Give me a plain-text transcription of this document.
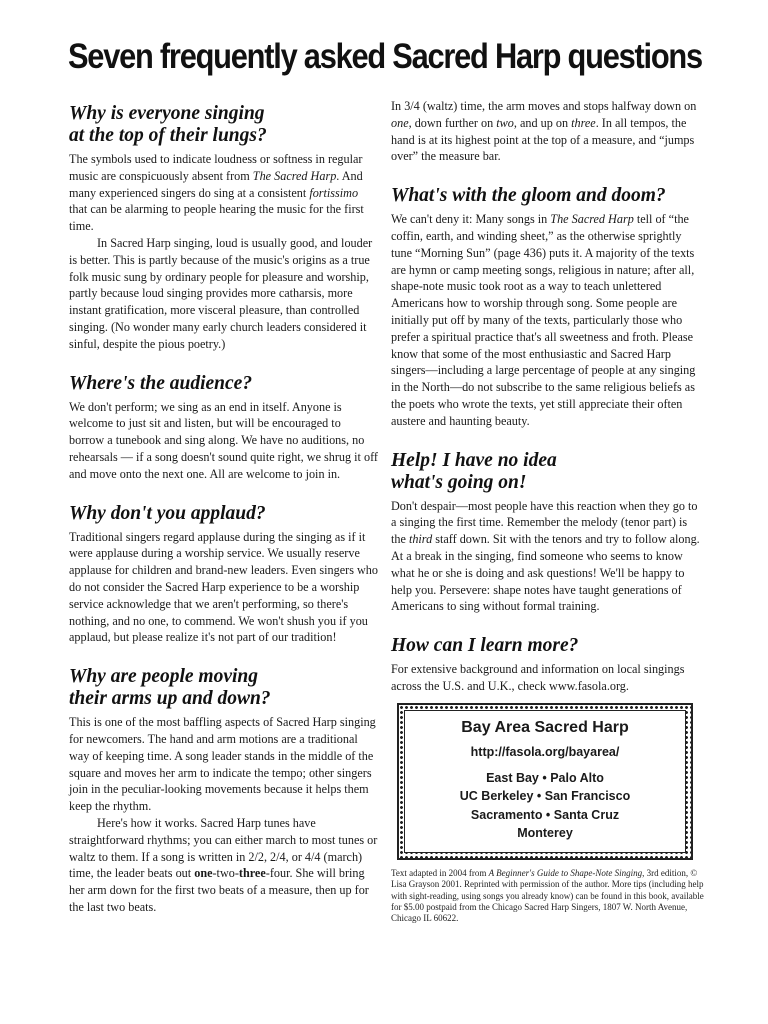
Seven frequently asked Sacred Harp questions
Why is everyone singing
at the top of their lungs?

The symbols used to indicate loudness or softness in regular music are conspicuously absent from The Sacred Harp. And many experienced singers do sing at a consistent fortissimo that can be alarming to people hearing the music for the first time.

In Sacred Harp singing, loud is usually good, and louder is better. This is partly because of the music's origins as a true folk music sung by ordinary people for pleasure and worship, partly because loud singing provides more catharsis, more instant gratification, more visceral pleasure, than controlled singing. (No wonder many early church leaders considered it sinful, despite the pious poetry.)

Where's the audience?

We don't perform; we sing as an end in itself. Anyone is welcome to just sit and listen, but will be encouraged to borrow a tunebook and sing along. We have no auditions, no rehearsals — if a song doesn't sound quite right, we shrug it off and move onto the next one. All are welcome to join in.

Why don't you applaud?

Traditional singers regard applause during the singing as if it were applause during a worship service. We usually reserve applause for children and brand-new leaders. Even singers who do not consider the Sacred Harp experience to be a worship service acknowledge that we aren't performing, so there's nothing, and no one, to commend. We won't shush you if you applaud, but please realize it's not part of our tradition!

Why are people moving
their arms up and down?

This is one of the most baffling aspects of Sacred Harp singing for newcomers. The hand and arm motions are a traditional way of keeping time. A song leader stands in the middle of the square and moves her arm to indicate the tempo; other singers join in the peculiar-looking movements because it helps them keep the rhythm.

Here's how it works. Sacred Harp tunes have straightforward rhythms; you can either march to most tunes or waltz to them. If a song is written in 2/2, 2/4, or 4/4 (march) time, the leader beats out one-two-three-four. She will bring her arm down for the first two beats of a measure, then up for the last two beats.

In 3/4 (waltz) time, the arm moves and stops halfway down on one, down further on two, and up on three. In all tempos, the hand is at its highest point at the top of a measure, and “jumps over” the measure bar.

What's with the gloom and doom?

We can't deny it: Many songs in The Sacred Harp tell of “the coffin, earth, and winding sheet,” as the otherwise sprightly tune “Morning Sun” (page 436) puts it. A majority of the texts are hymn or camp meeting songs, religious in nature; after all, shape-note music took root as a way to teach unlettered Americans how to worship through song. Some people are initially put off by many of the texts, particularly those who prefer a spiritual practice that's all sweetness and froth. Please know that some of the most enthusiastic and Sacred Harp singers—including a large percentage of people at any singing in the North—do not subscribe to the same religious beliefs as the poets who wrote the texts, yet still appreciate their often austere and haunting beauty.

Help! I have no idea
what's going on!

Don't despair—most people have this reaction when they go to a singing the first time. Remember the melody (tenor part) is the third staff down. Sit with the tenors and try to follow along. At a break in the singing, find someone who seems to know what he or she is doing and ask questions! We'll be happy to help you. Persevere: shape notes have taught generations of Americans to sing without formal training.

How can I learn more?

For extensive background and information on local singings across the U.S. and U.K., check www.fasola.org.

Bay Area Sacred Harp

http://fasola.org/bayarea/

East Bay • Palo Alto

UC Berkeley • San Francisco

Sacramento • Santa Cruz

Monterey

Text adapted in 2004 from A Beginner's Guide to Shape-Note Singing, 3rd edition, © Lisa Grayson 2001. Reprinted with permission of the author. More tips (including help with sight-reading, using songs you already know) can be found in this book, available for $5.00 postpaid from the Chicago Sacred Harp Singers, 1807 W. North Avenue, Chicago IL 60622.
